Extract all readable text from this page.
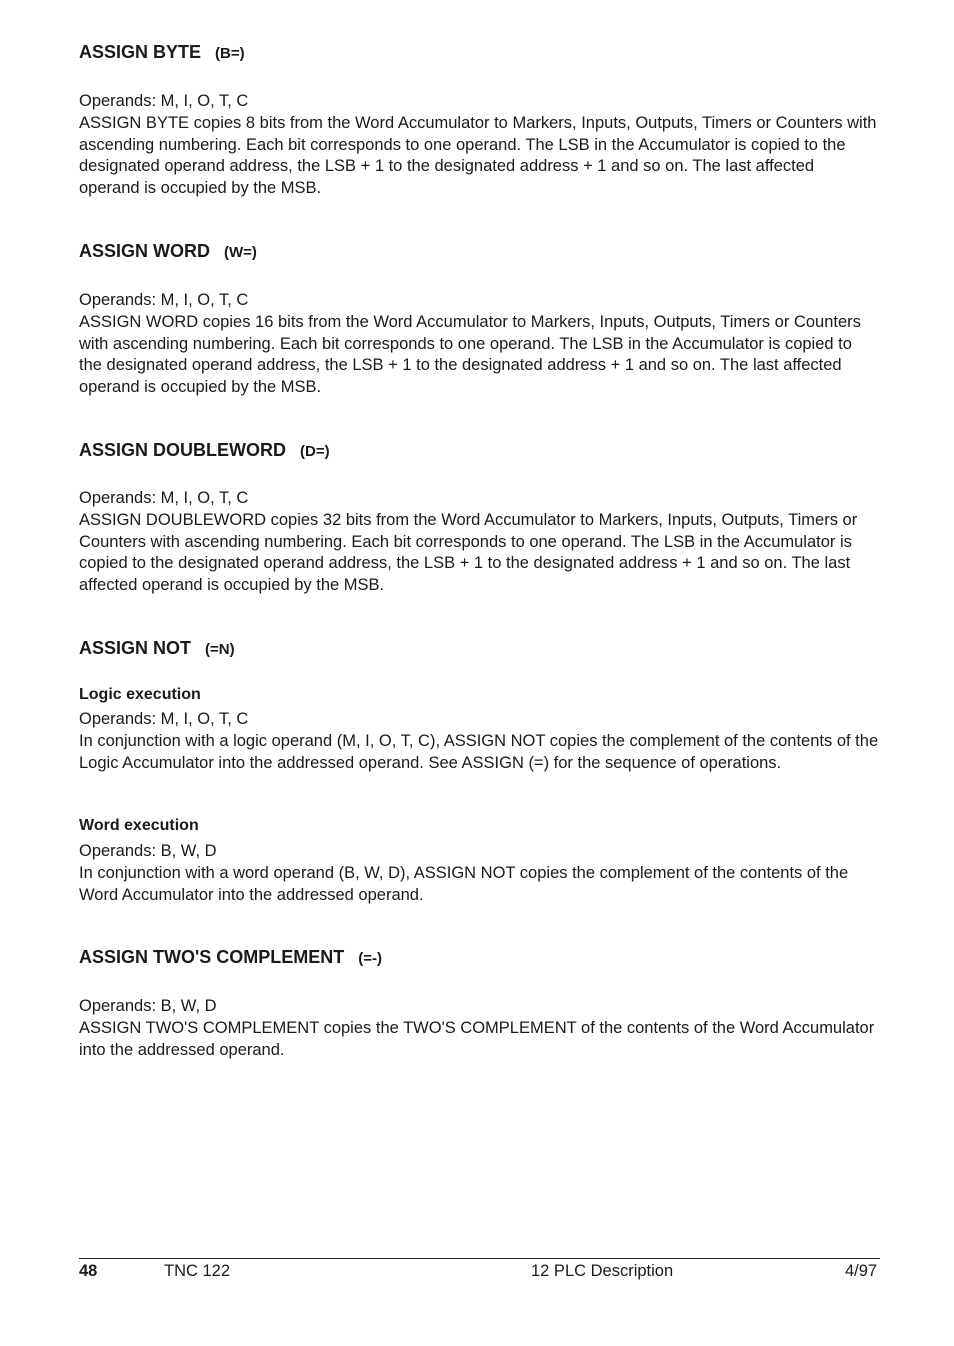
ASSIGN BYTE (B=)
Operands: M, I, O, T, C
ASSIGN BYTE copies 8 bits from the Word Accumulator to Markers, Inputs, Outputs, Timers or Counters with ascending numbering. Each bit corresponds to one operand. The LSB in the Accumulator is copied to the designated operand address, the LSB + 1 to the designated address + 1 and so on. The last affected operand is occupied by the MSB.
ASSIGN WORD (W=)
Operands: M, I, O, T, C
ASSIGN WORD copies 16 bits from the Word Accumulator to Markers, Inputs, Outputs, Timers or Counters with ascending numbering. Each bit corresponds to one operand. The LSB in the Accumulator is copied to the designated operand address, the LSB + 1 to the designated address + 1 and so on. The last affected operand is occupied by the MSB.
ASSIGN DOUBLEWORD (D=)
Operands: M, I, O, T, C
ASSIGN DOUBLEWORD copies 32 bits from the Word Accumulator to Markers, Inputs, Outputs, Timers or Counters with ascending numbering. Each bit corresponds to one operand. The LSB in the Accumulator is copied to the designated operand address, the LSB + 1 to the designated address + 1 and so on. The last affected operand is occupied by the MSB.
ASSIGN NOT (=N)
Logic execution
Operands: M, I, O, T, C
In conjunction with a logic operand (M, I, O, T, C), ASSIGN NOT copies the complement of the contents of the Logic Accumulator into the addressed operand. See ASSIGN (=) for the sequence of operations.
Word execution
Operands: B, W, D
In conjunction with a word operand (B, W, D), ASSIGN NOT copies the complement of the contents of the Word Accumulator into the addressed operand.
ASSIGN TWO'S COMPLEMENT (=-)
Operands: B, W, D
ASSIGN TWO'S COMPLEMENT copies the TWO'S COMPLEMENT of the contents of the Word Accumulator into the addressed operand.
48	TNC 122	12 PLC Description	4/97
